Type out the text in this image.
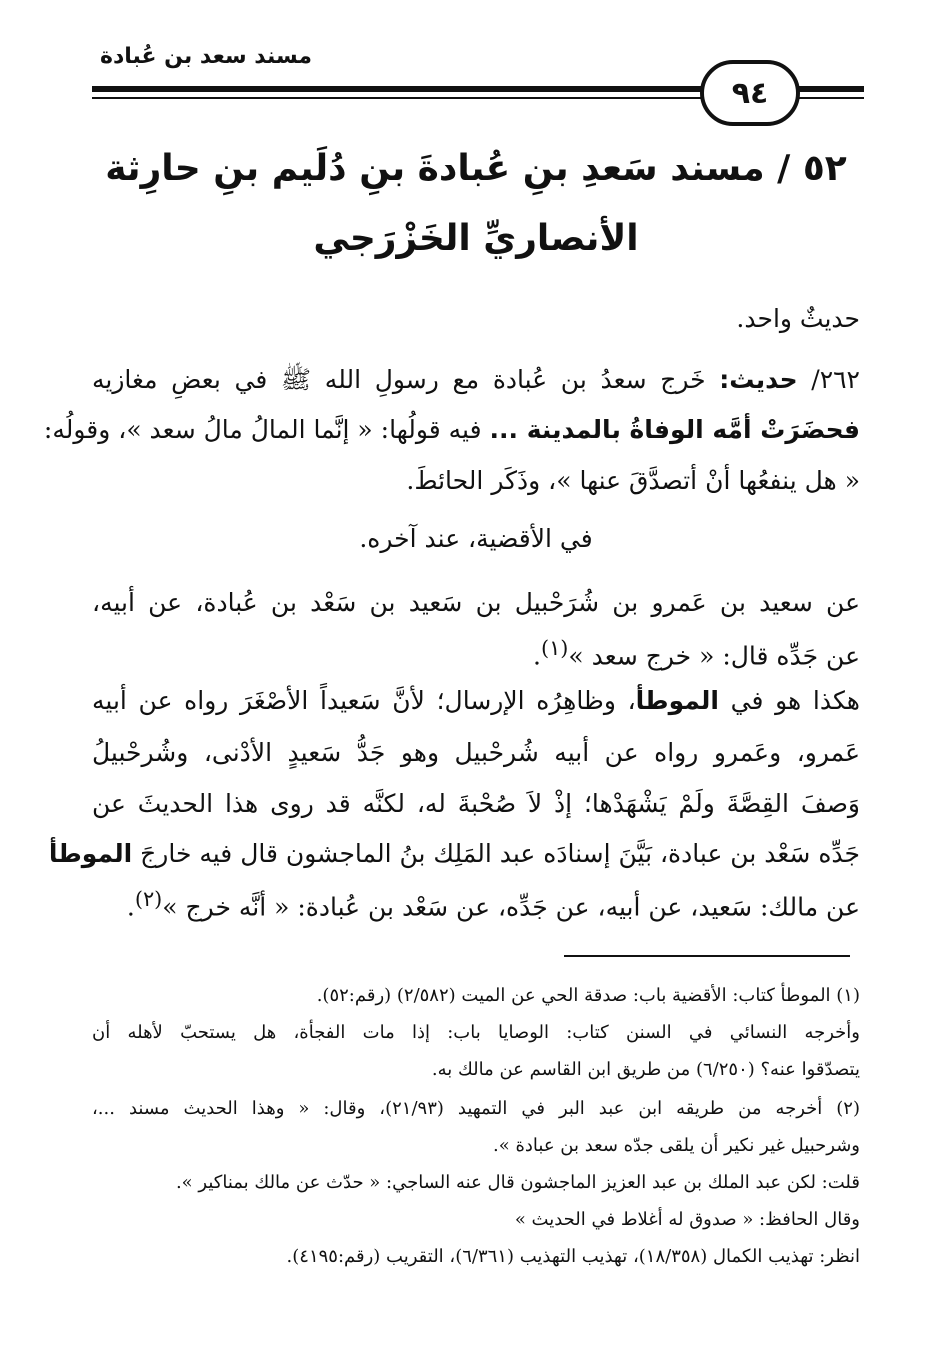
مسند سعد بن عُبادة
٩٤
٥٢ / مسند سَعدِ بنِ عُبادةَ بنِ دُلَيم بنِ حارِثة
الأنصاريِّ الخَزْرَجي
حديثٌ واحد.
٢٦٢/ حديث: خَرج سعدُ بن عُبادة مع رسولِ الله ﷺ في بعضِ مغازيه
فحضَرَتْ أمَّه الوفاةُ بالمدينة ... فيه قولُها: « إنَّما المالُ مالُ سعد »، وقولُه:
« هل ينفعُها أنْ أتصدَّقَ عنها »، وذَكَر الحائطَ.
في الأقضية، عند آخره.
عن سعيد بن عَمرو بن شُرَحْبيل بن سَعيد بن سَعْد بن عُبادة، عن أبيه،
عن جَدِّه قال: « خرج سعد »$^{(١)}$.
هكذا هو في الموطأ، وظاهِرُه الإرسال؛ لأنَّ سَعيداً الأصْغَرَ رواه عن أبيه
عَمرو، وعَمرو رواه عن أبيه شُرحْبيل وهو جَدُّ سَعيدٍ الأدْنى، وشُرحْبيلُ
وَصفَ القِصَّةَ ولَمْ يَشْهَدْها؛ إذْ لاَ صُحْبةَ له، لكنَّه قد روى هذا الحديثَ عن
جَدِّه سَعْد بن عبادة، بَيَّنَ إسنادَه عبد المَلِك بنُ الماجشون قال فيه خارجَ الموطأ
عن مالك: سَعيد، عن أبيه، عن جَدِّه، عن سَعْد بن عُبادة: « أنَّه خرج »$^{(٢)}$.
(١) الموطأ كتاب: الأقضية باب: صدقة الحي عن الميت (٢/٥٨٢) (رقم:٥٢).
وأخرجه النسائي في السنن كتاب: الوصايا باب: إذا مات الفجأة، هل يستحبّ لأهله أن
يتصدّقوا عنه؟ (٦/٢٥٠) من طريق ابن القاسم عن مالك به.
(٢) أخرجه من طريقه ابن عبد البر في التمهيد (٢١/٩٣)، وقال: « وهذا الحديث مسند ...،
وشرحبيل غير نكير أن يلقى جدّه سعد بن عبادة ».
قلت: لكن عبد الملك بن عبد العزيز الماجشون قال عنه الساجي: « حدّث عن مالك بمناكير ».
وقال الحافظ: « صدوق له أغلاط في الحديث »
انظر: تهذيب الكمال (١٨/٣٥٨)، تهذيب التهذيب (٦/٣٦١)، التقريب (رقم:٤١٩٥).
